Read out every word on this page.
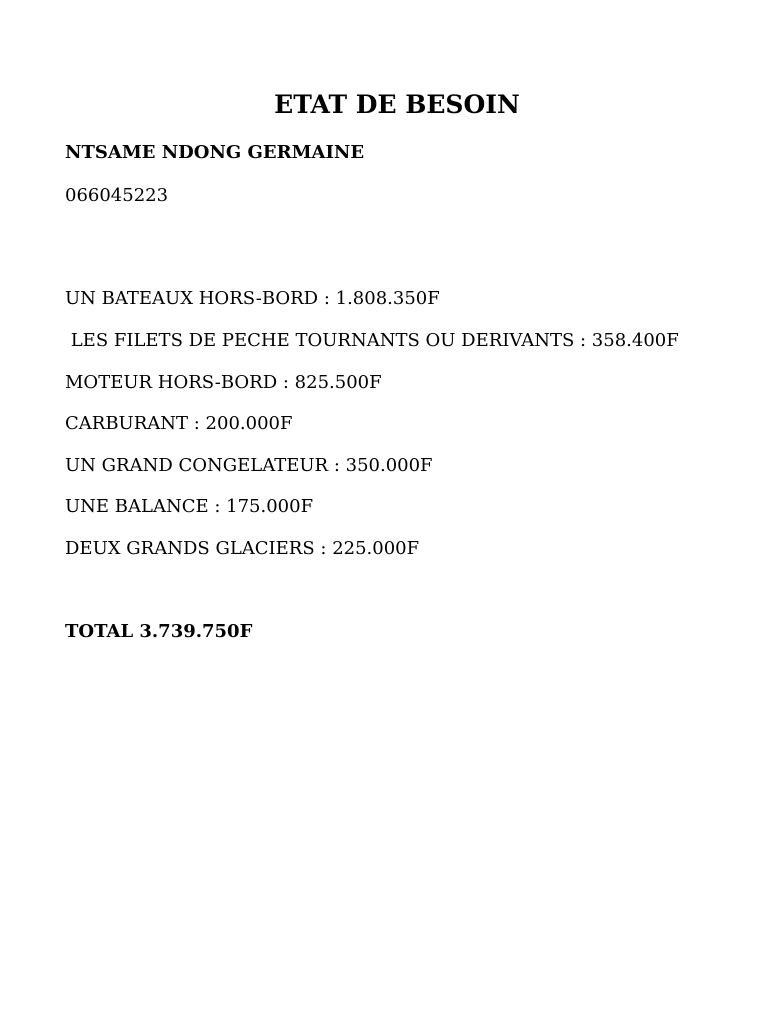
ETAT DE BESOIN
NTSAME NDONG GERMAINE
066045223
UN BATEAUX HORS-BORD : 1.808.350F
LES FILETS DE PECHE TOURNANTS OU DERIVANTS : 358.400F
MOTEUR HORS-BORD : 825.500F
CARBURANT : 200.000F
UN GRAND CONGELATEUR : 350.000F
UNE BALANCE : 175.000F
DEUX GRANDS GLACIERS : 225.000F
TOTAL 3.739.750F
